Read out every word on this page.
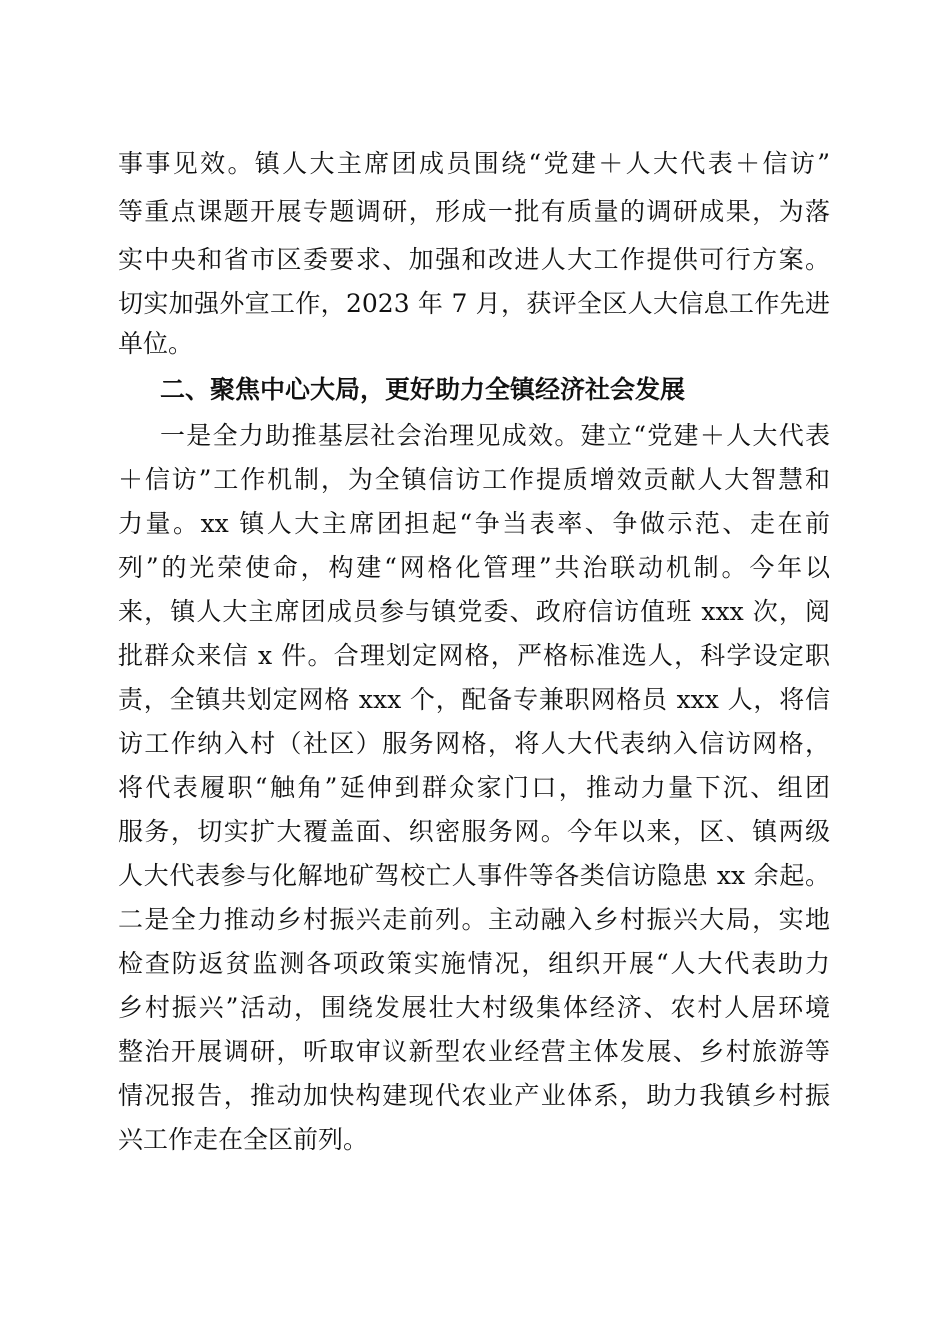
事事见效。镇人大主席团成员围绕“党建＋人大代表＋信访”
等重点课题开展专题调研，形成一批有质量的调研成果，为落
实中央和省市区委要求、加强和改进人大工作提供可行方案。
切实加强外宣工作，2023 年 7 月，获评全区人大信息工作先进
单位。
二、聚焦中心大局，更好助力全镇经济社会发展
一是全力助推基层社会治理见成效。建立“党建＋人大代表
＋信访”工作机制，为全镇信访工作提质增效贡献人大智慧和
力量。xx 镇人大主席团担起“争当表率、争做示范、走在前
列”的光荣使命，构建“网格化管理”共治联动机制。今年以
来，镇人大主席团成员参与镇党委、政府信访值班 xxx 次，阅
批群众来信 x 件。合理划定网格，严格标准选人，科学设定职
责，全镇共划定网格 xxx 个，配备专兼职网格员 xxx 人，将信
访工作纳入村（社区）服务网格，将人大代表纳入信访网格，
将代表履职“触角”延伸到群众家门口，推动力量下沉、组团
服务，切实扩大覆盖面、织密服务网。今年以来，区、镇两级
人大代表参与化解地矿驾校亡人事件等各类信访隐患 xx 余起。
二是全力推动乡村振兴走前列。主动融入乡村振兴大局，实地
检查防返贫监测各项政策实施情况，组织开展“人大代表助力
乡村振兴”活动，围绕发展壮大村级集体经济、农村人居环境
整治开展调研，听取审议新型农业经营主体发展、乡村旅游等
情况报告，推动加快构建现代农业产业体系，助力我镇乡村振
兴工作走在全区前列。
